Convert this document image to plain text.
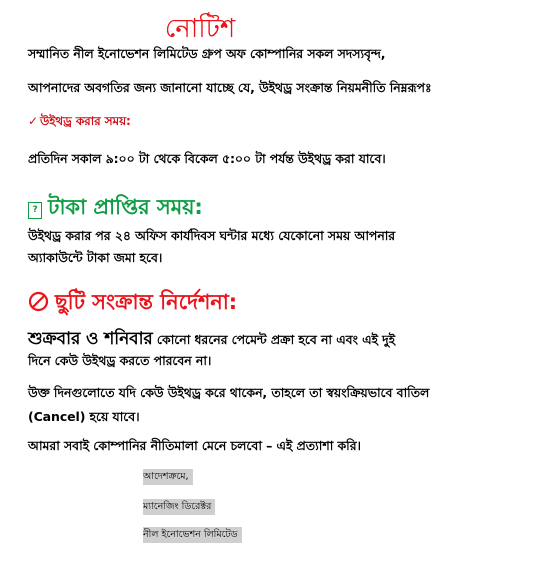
নোটিশ
সম্মানিত নীল ইনোভেশন লিমিটেড গ্রুপ অফ কোম্পানির সকল সদস্যবৃন্দ,
আপনাদের অবগতির জন্য জানানো যাচ্ছে যে, উইথড্র সংক্রান্ত নিয়মনীতি নিম্নরূপঃ
✓ উইথড্র করার সময়:
প্রতিদিন সকাল ৯:০০ টা থেকে বিকেল ৫:০০ টা পর্যন্ত উইথড্র করা যাবে।
? টাকা প্রাপ্তির সময়:
উইথড্র করার পর ২৪ অফিস কার্যদিবস ঘন্টার মধ্যে যেকোনো সময় আপনার
অ্যাকাউন্টে টাকা জমা হবে।
ছুটি সংক্রান্ত নির্দেশনা:
শুক্রবার ও শনিবার কোনো ধরনের পেমেন্ট প্রক্রা হবে না এবং এই দুই
দিনে কেউ উইথড্র করতে পারবেন না।
উক্ত দিনগুলোতে যদি কেউ উইথড্র করে থাকেন, তাহলে তা স্বয়ংক্রিয়ভাবে বাতিল
(Cancel) হয়ে যাবে।
আমরা সবাই কোম্পানির নীতিমালা মেনে চলবো – এই প্রত্যাশা করি।
আদেশক্রমে,
ম্যানেজিং ডিরেক্টর
নীল ইনোভেশন লিমিটেড
